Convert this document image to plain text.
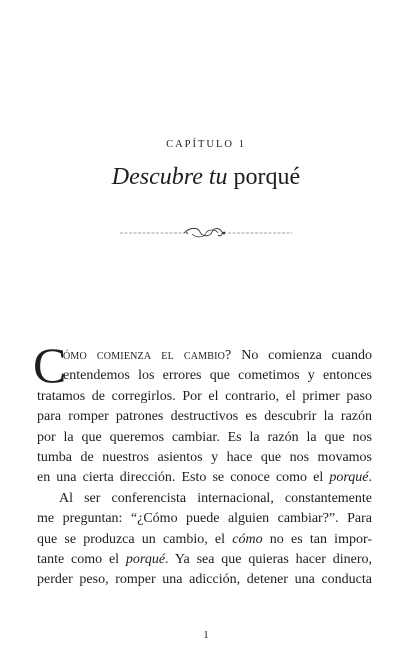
CAPÍTULO 1
Descubre tu porqué
C
ómo comienza el cambio? No comienza cuando
entendemos los errores que cometimos y entonces
tratamos de corregirlos. Por el contrario, el primer paso
para romper patrones destructivos es descubrir la razón
por la que queremos cambiar. Es la razón la que nos
tumba de nuestros asientos y hace que nos movamos
en una cierta dirección. Esto se conoce como el porqué.
Al ser conferencista internacional, constantemente
me preguntan: “¿Cómo puede alguien cambiar?”. Para
que se produzca un cambio, el cómo no es tan impor-
tante como el porqué. Ya sea que quieras hacer dinero,
perder peso, romper una adicción, detener una conducta
1
